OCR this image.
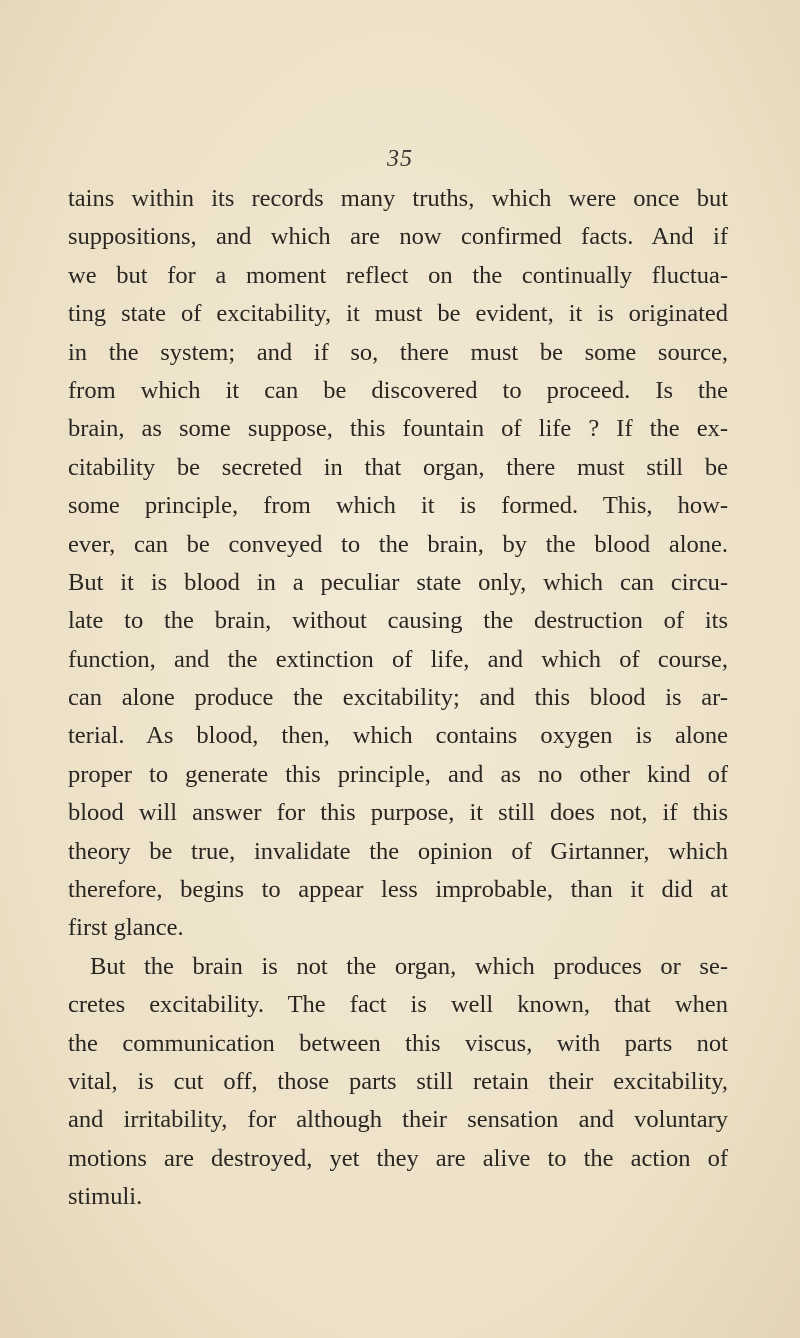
35
tains within its records many truths, which were once but
suppositions, and which are now confirmed facts. And if
we but for a moment reflect on the continually fluctua-
ting state of excitability, it must be evident, it is originated
in the system; and if so, there must be some source,
from which it can be discovered to proceed. Is the
brain, as some suppose, this fountain of life ? If the ex-
citability be secreted in that organ, there must still be
some principle, from which it is formed. This, how-
ever, can be conveyed to the brain, by the blood alone.
But it is blood in a peculiar state only, which can circu-
late to the brain, without causing the destruction of its
function, and the extinction of life, and which of course,
can alone produce the excitability; and this blood is ar-
terial. As blood, then, which contains oxygen is alone
proper to generate this principle, and as no other kind of
blood will answer for this purpose, it still does not, if this
theory be true, invalidate the opinion of Girtanner, which
therefore, begins to appear less improbable, than it did at
first glance.
But the brain is not the organ, which produces or se-
cretes excitability. The fact is well known, that when
the communication between this viscus, with parts not
vital, is cut off, those parts still retain their excitability,
and irritability, for although their sensation and voluntary
motions are destroyed, yet they are alive to the action of
stimuli.
